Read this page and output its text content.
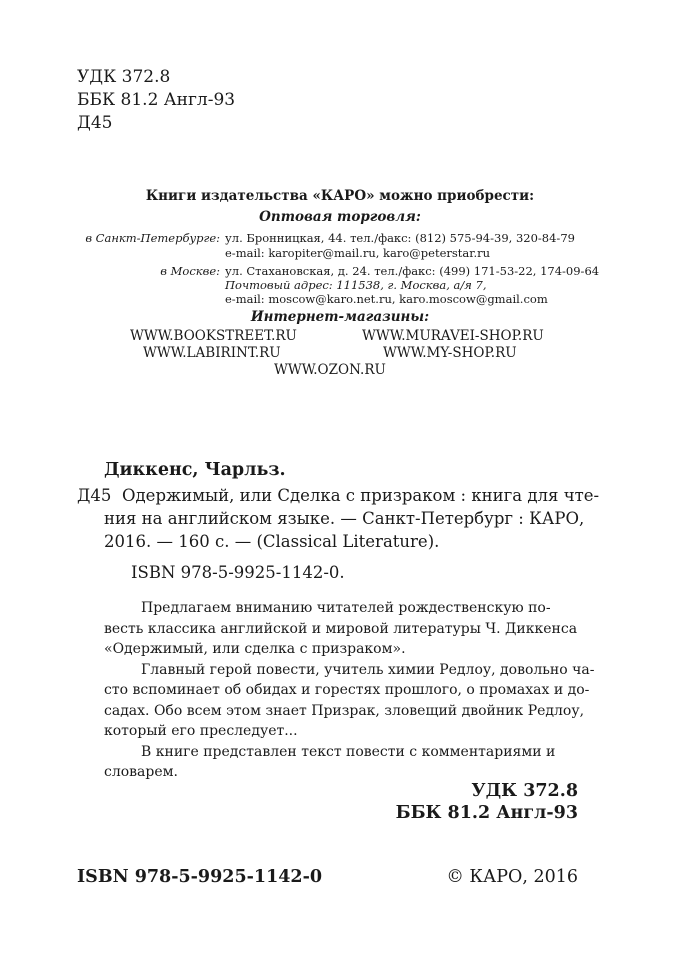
УДК 372.8
ББК 81.2 Англ-93
Д45
Книги издательства «КАРО» можно приобрести:
Оптовая торговля:
в Санкт-Петербурге: ул. Бронницкая, 44. тел./факс: (812) 575-94-39, 320-84-79
e-mail: karopiter@mail.ru, karo@peterstar.ru
в Москве: ул. Стахановская, д. 24. тел./факс: (499) 171-53-22, 174-09-64
Почтовый адрес: 111538, г. Москва, а/я 7,
e-mail: moscow@karo.net.ru, karo.moscow@gmail.com
Интернет-магазины:
WWW.BOOKSTREET.RU	WWW.MURAVEI-SHOP.RU
WWW.LABIRINT.RU	WWW.MY-SHOP.RU
WWW.OZON.RU
Диккенс, Чарльз.
Д45 Одержимый, или Сделка с призраком : книга для чте-
ния на английском языке. — Санкт-Петербург : КАРО,
2016. — 160 с. — (Classical Literature).
ISBN 978-5-9925-1142-0.
Предлагаем вниманию читателей рождественскую по-
весть классика английской и мировой литературы Ч. Диккенса
«Одержимый, или сделка с призраком».
Главный герой повести, учитель химии Редлоу, довольно ча-
сто вспоминает об обидах и горестях прошлого, о промахах и до-
садах. Обо всем этом знает Призрак, зловещий двойник Редлоу,
который его преследует...
В книге представлен текст повести с комментариями и
словарем.
УДК 372.8
ББК 81.2 Англ-93
ISBN 978-5-9925-1142-0	© КАРО, 2016
